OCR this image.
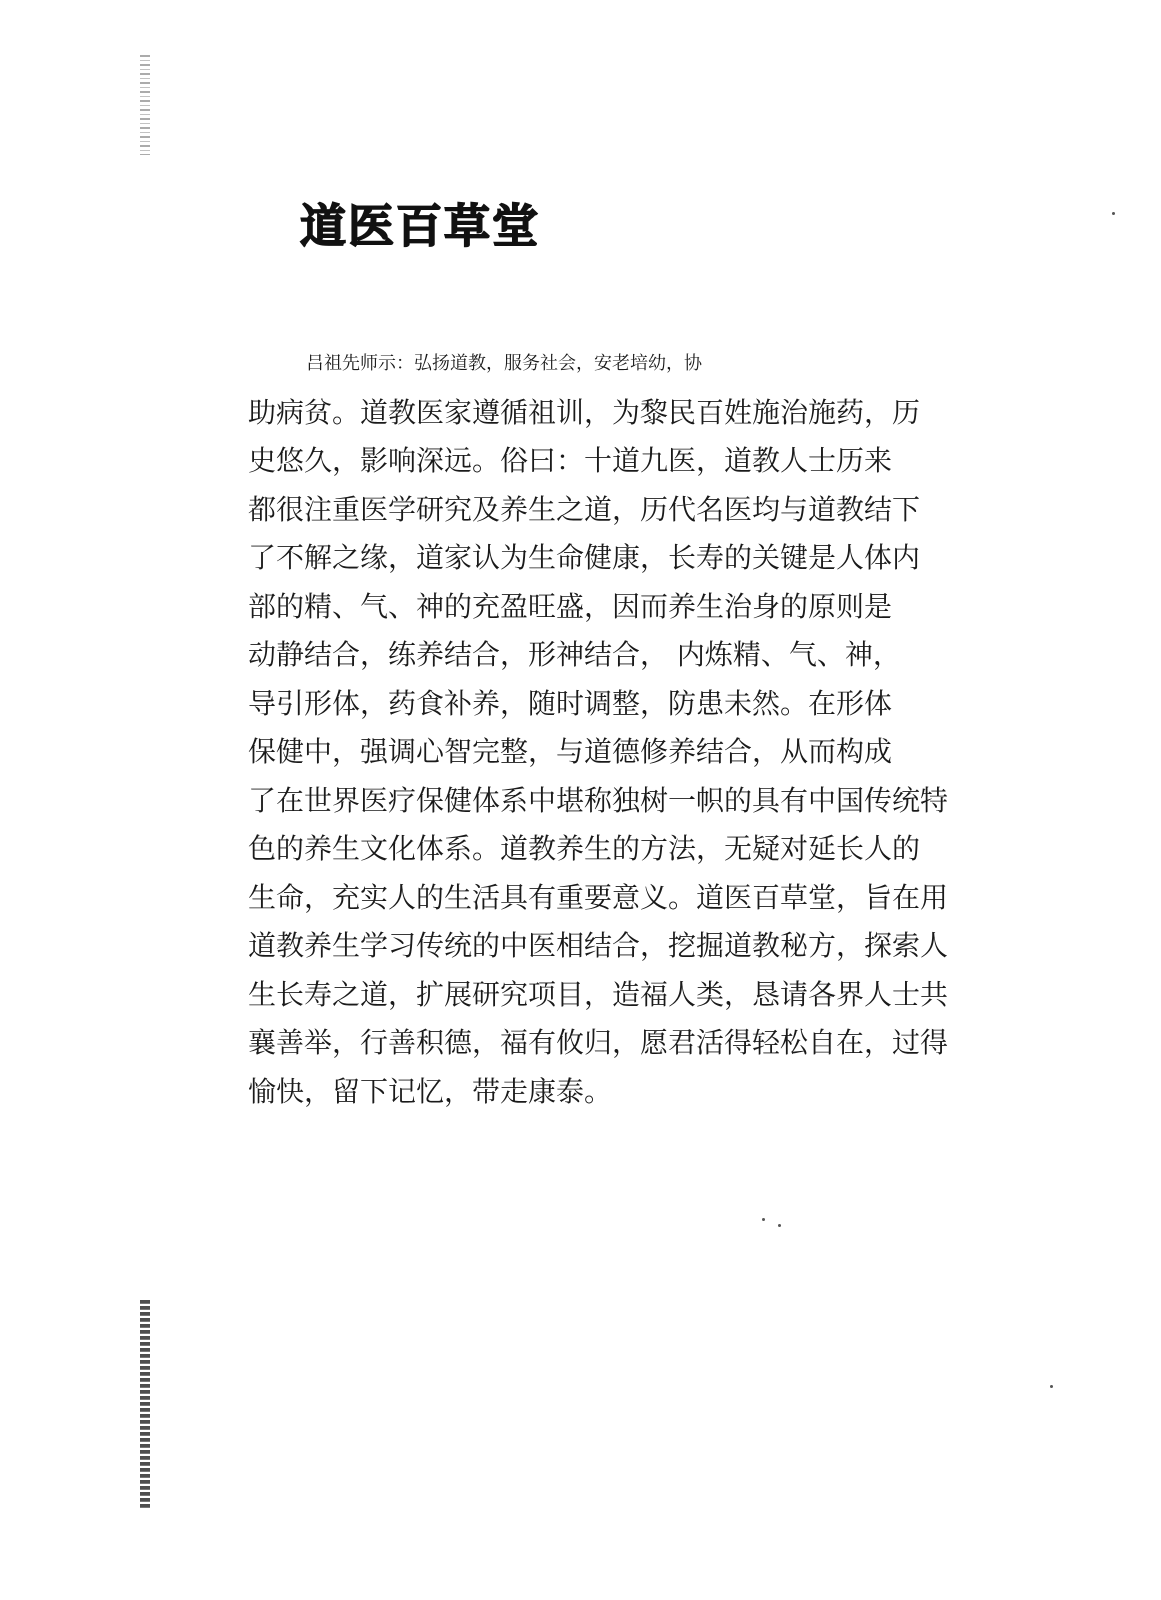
道医百草堂
吕祖先师示：弘扬道教，服务社会，安老培幼，协
助病贫。道教医家遵循祖训，为黎民百姓施治施药，历
史悠久，影响深远。俗曰：十道九医，道教人士历来
都很注重医学研究及养生之道，历代名医均与道教结下
了不解之缘，道家认为生命健康，长寿的关键是人体内
部的精、气、神的充盈旺盛，因而养生治身的原则是
动静结合，练养结合，形神结合， 内炼精、气、神，
导引形体，药食补养，随时调整，防患未然。在形体
保健中，强调心智完整，与道德修养结合，从而构成
了在世界医疗保健体系中堪称独树一帜的具有中国传统特
色的养生文化体系。道教养生的方法，无疑对延长人的
生命，充实人的生活具有重要意义。道医百草堂，旨在用
道教养生学习传统的中医相结合，挖掘道教秘方，探索人
生长寿之道，扩展研究项目，造福人类，恳请各界人士共
襄善举，行善积德，福有攸归，愿君活得轻松自在，过得
愉快，留下记忆，带走康泰。
